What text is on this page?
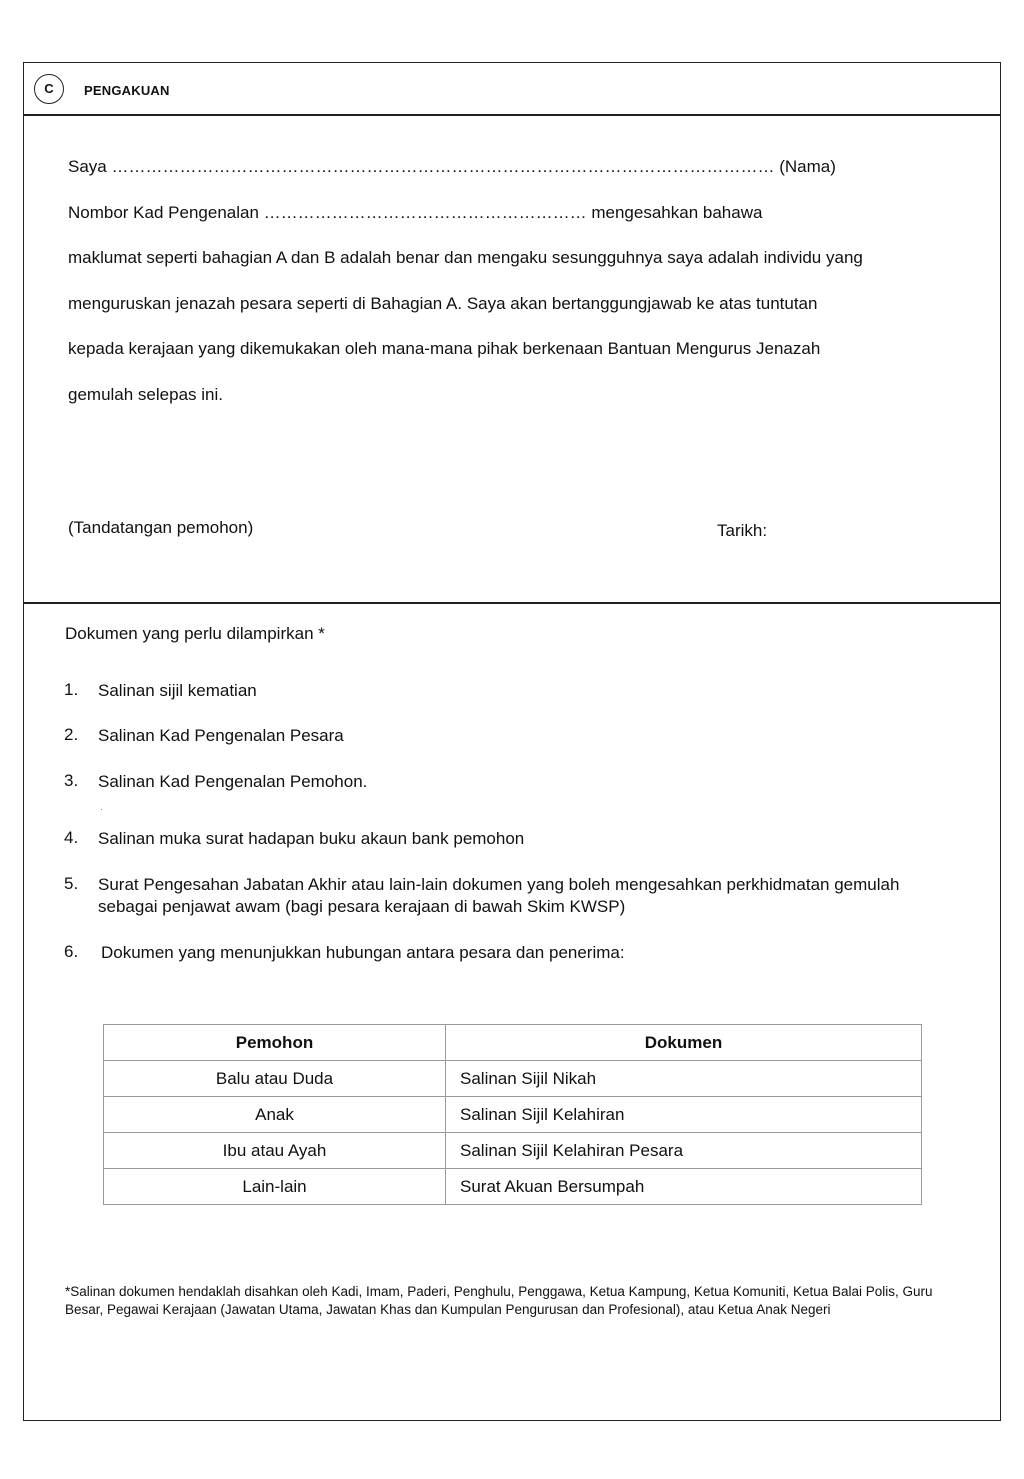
C	PENGAKUAN
Saya ……………………………………………………………………………………………………… (Nama)
Nombor Kad Pengenalan ………………………………………………… mengesahkan bahawa
maklumat seperti bahagian A dan B adalah benar dan mengaku sesungguhnya saya adalah individu yang
menguruskan jenazah pesara seperti di Bahagian A. Saya akan bertanggungjawab ke atas tuntutan
kepada kerajaan yang dikemukakan oleh mana-mana pihak berkenaan Bantuan Mengurus Jenazah
gemulah selepas ini.
(Tandatangan pemohon)	Tarikh:
Dokumen yang perlu dilampirkan *
1. Salinan sijil kematian
2. Salinan Kad Pengenalan Pesara
3. Salinan Kad Pengenalan Pemohon.
4. Salinan muka surat hadapan buku akaun bank pemohon
5. Surat Pengesahan Jabatan Akhir atau lain-lain dokumen yang boleh mengesahkan perkhidmatan gemulah sebagai penjawat awam (bagi pesara kerajaan di bawah Skim KWSP)
6. Dokumen yang menunjukkan hubungan antara pesara dan penerima:
·
Pemohon	Dokumen
Balu atau Duda	Salinan Sijil Nikah
Anak	Salinan Sijil Kelahiran
Ibu atau Ayah	Salinan Sijil Kelahiran Pesara
Lain-lain	Surat Akuan Bersumpah
*Salinan dokumen hendaklah disahkan oleh Kadi, Imam, Paderi, Penghulu, Penggawa, Ketua Kampung, Ketua Komuniti, Ketua Balai Polis, Guru Besar, Pegawai Kerajaan (Jawatan Utama, Jawatan Khas dan Kumpulan Pengurusan dan Profesional), atau Ketua Anak Negeri
